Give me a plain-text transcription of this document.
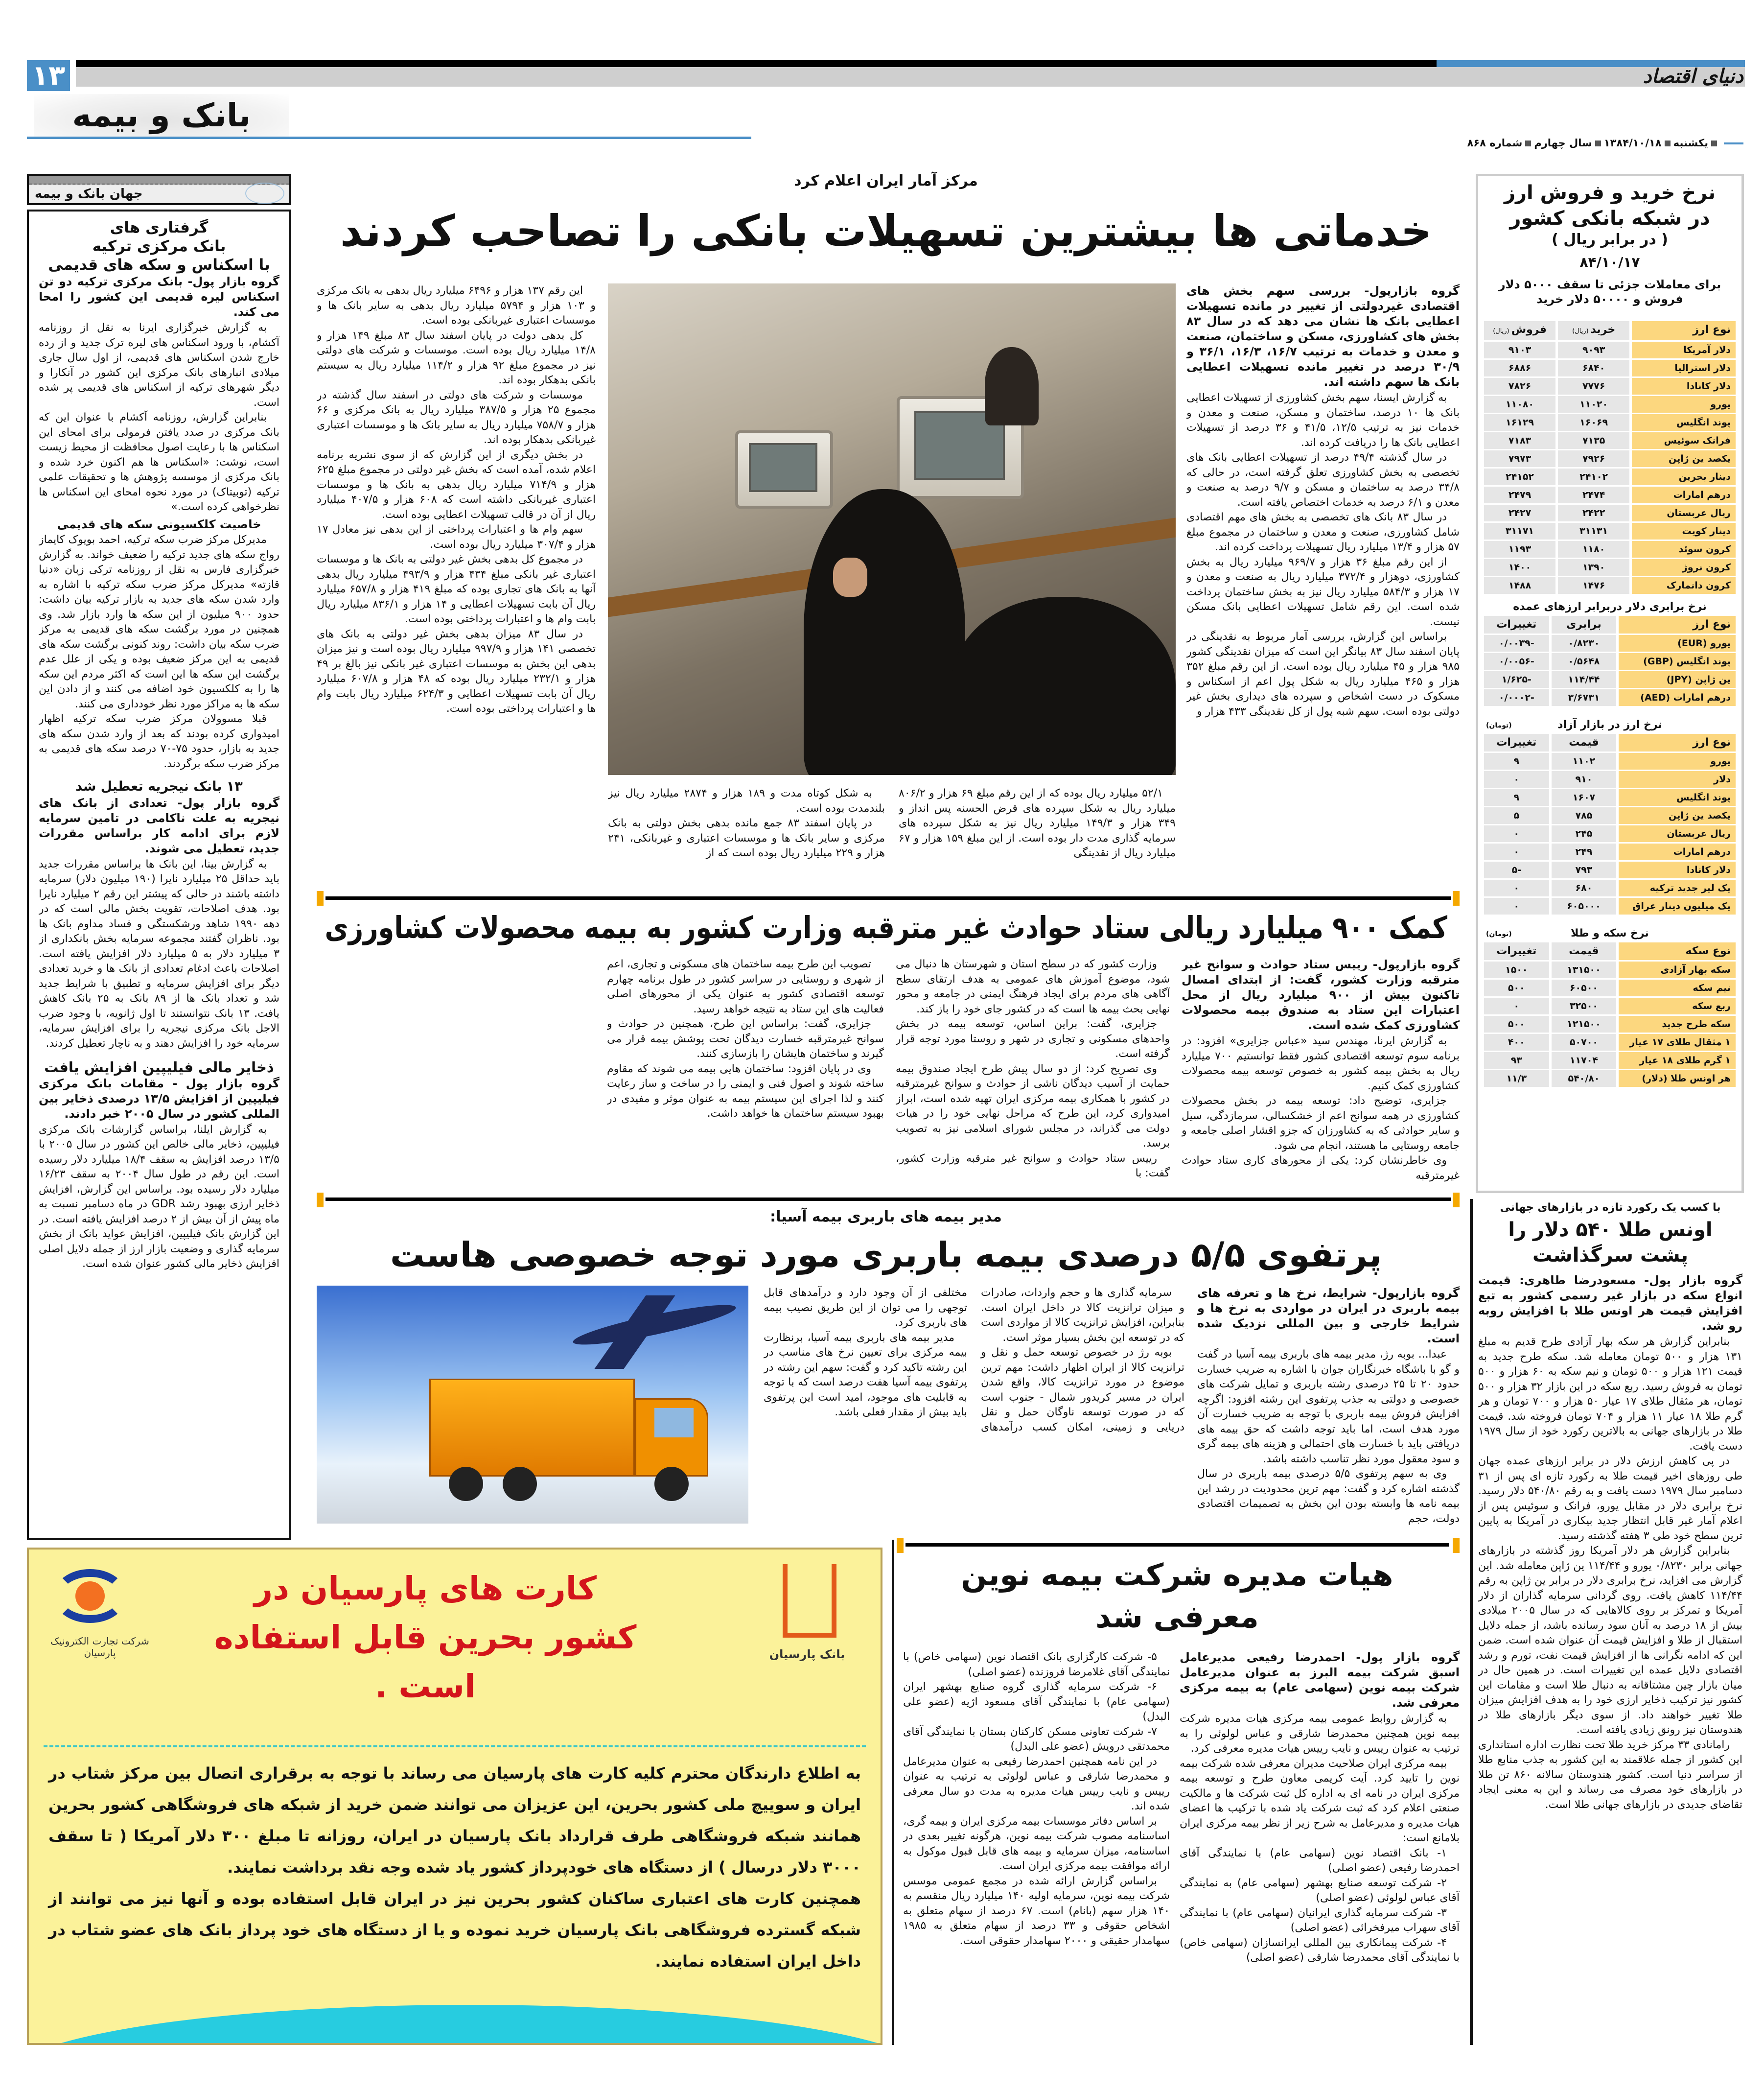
۱۳	دنیای اقتصاد
بانک و بیمه
یکشنبه۱۳۸۴/۱۰/۱۸سال چهارمشماره ۸۶۸
نرخ خرید و فروش ارز
در شبکه بانکی کشور
( در برابر ریال )
۸۴/۱۰/۱۷
برای معاملات جزئی تا سقف ۵۰۰۰ دلار فروش و ۵۰۰۰۰ دلار خرید
نوع ارز
خرید (ریال)
فروش (ریال)
دلار آمریکا
۹۰۹۳
۹۱۰۳
دلار استرالیا
۶۸۴۰
۶۸۸۶
دلار کانادا
۷۷۷۶
۷۸۲۶
یورو
۱۱۰۲۰
۱۱۰۸۰
پوند انگلیس
۱۶۰۶۹
۱۶۱۲۹
فرانک سوئیس
۷۱۳۵
۷۱۸۳
یکصد ین ژاپن
۷۹۲۶
۷۹۷۳
دینار بحرین
۲۴۱۰۲
۲۴۱۵۲
درهم امارات
۲۴۷۴
۲۴۷۹
ریال عربستان
۲۴۲۲
۲۴۲۷
دینار کویت
۳۱۱۳۱
۳۱۱۷۱
کرون سوئد
۱۱۸۰
۱۱۹۳
کرون نروژ
۱۳۹۰
۱۴۰۰
کرون دانمارک
۱۴۷۶
۱۴۸۸
نرخ برابری دلار دربرابر ارزهای عمده
نوع ارز
برابری
تغییرات
یورو (EUR)
۰/۸۲۳۰
-۰/۰۰۳۹
پوند انگلیس (GBP)
۰/۵۶۴۸
-۰/۰۰۵۶
ین ژاپن (JPY)
۱۱۴/۴۴
-۱/۶۲۵
درهم امارات (AED)
۳/۶۷۳۱
-۰/۰۰۰۲
نرخ ارز در بازار آزاد
(تومان)
نوع ارز
قیمت
تغییرات
یورو
۱۱۰۲
۹
دلار
۹۱۰
۰
پوند انگلیس
۱۶۰۷
۹
یکصد ین ژاپن
۷۸۵
۵
ریال عربستان
۲۴۵
۰
درهم امارات
۲۴۹
۰
دلار کانادا
۷۹۳
-۵
یک لیر جدید ترکیه
۶۸۰
۰
یک میلیون دینار عراق
۶۰۵۰۰۰
۰
نرخ سکه و طلا
(تومان)
نوع سکه
قیمت
تغییرات
سکه بهار آزادی
۱۳۱۵۰۰
۱۵۰۰
نیم سکه
۶۰۵۰۰
۵۰۰
ربع سکه
۳۲۵۰۰
۰
سکه طرح جدید
۱۲۱۵۰۰
۵۰۰
۱ مثقال طلای ۱۷ عیار
۵۰۷۰۰
۴۰۰
۱ گرم طلای ۱۸ عیار
۱۱۷۰۴
۹۳
هر اونس طلا (دلار)
۵۴۰/۸۰
۱۱/۳
با کسب یک رکورد تازه در بازارهای جهانی
اونس طلا ۵۴۰ دلار را
پشت سرگذاشت
گروه بازار پول- مسعودرضا طاهری: قیمت انواع سکه در بازار غیر رسمی کشور به تبع افزایش قیمت هر اونس طلا با افزایش روبه رو شد.

بنابراین گزارش هر سکه بهار آزادی طرح قدیم به مبلغ ۱۳۱ هزار و ۵۰۰ تومان معامله شد. سکه طرح جدید به قیمت ۱۲۱ هزار و ۵۰۰ تومان و نیم سکه به ۶۰ هزار و ۵۰۰ تومان به فروش رسید. ربع سکه در این بازار ۳۲ هزار و ۵۰۰ تومان، هر مثقال طلای ۱۷ عیار ۵۰ هزار و ۷۰۰ تومان و هر گرم طلا ۱۸ عیار ۱۱ هزار و ۷۰۴ تومان فروخته شد. قیمت طلا در بازارهای جهانی به بالاترین رکورد خود از سال ۱۹۷۹ دست یافت.

در پی کاهش ارزش دلار در برابر ارزهای عمده جهان طی روزهای اخیر قیمت طلا به رکورد تازه ای پس از ۳۱ دسامبر سال ۱۹۷۹ دست یافت و به رقم ۵۴۰/۸۰ دلار رسید. نرخ برابری دلار در مقابل یورو، فرانک و سوئیس پس از اعلام آمار غیر قابل انتظار جدید بیکاری در آمریکا به پایین ترین سطح خود طی ۳ هفته گذشته رسید.

بنابراین گزارش هر دلار آمریکا روز گذشته در بازارهای جهانی برابر ۰/۸۲۳۰ یورو و ۱۱۴/۴۴ ین ژاپن معامله شد. این گزارش می افزاید، نرخ برابری دلار در برابر ین ژاپن به رقم ۱۱۴/۴۴ کاهش یافت. روی گردانی سرمایه گذاران از دلار آمریکا و تمرکز بر روی کالاهایی که در سال ۲۰۰۵ میلادی بیش از ۱۸ درصد به آنان سود رسانده باشد، از جمله دلایل استقبال از طلا و افزایش قیمت آن عنوان شده است. ضمن این که ادامه نگرانی ها از افزایش قیمت نفت، تورم و رشد اقتصادی دلایل عمده این تغییرات است. در همین حال در میان بازار چین مشتاقانه به دنبال طلا است و مقامات این کشور نیز ترکیب ذخایر ارزی خود را به هدف افزایش میزان طلا تغییر خواهند داد. از سوی دیگر بازارهای طلا در هندوستان نیز رونق زیادی یافته است.

رامانادی ۳۳ مرکز خرید طلا تحت نظارت اداره استانداری این کشور از جمله علاقمند به این کشور به جذب منابع طلا از سراسر دنیا است. کشور هندوستان سالانه ۸۶۰ تن طلا در بازارهای خود مصرف می رساند و این به معنی ایجاد تقاضای جدیدی در بازارهای جهانی طلا است.

جهان بانک و بیمه
گرفتاری های
بانک مرکزی ترکیه
با اسکناس و سکه های قدیمی
گروه بازار پول- بانک مرکزی ترکیه دو تن اسکناس لیره قدیمی این کشور را امحا می کند.

به گزارش خبرگزاری ایرنا به نقل از روزنامه آکشام، با ورود اسکناس های لیره ترک جدید و از رده خارج شدن اسکناس های قدیمی، از اول سال جاری میلادی انبارهای بانک مرکزی این کشور در آنکارا و دیگر شهرهای ترکیه از اسکناس های قدیمی پر شده است.

بنابراین گزارش، روزنامه آکشام با عنوان این که بانک مرکزی در صدد یافتن فرمولی برای امحای این اسکناس ها با رعایت اصول محافظت از محیط زیست است، نوشت: «اسکناس ها هم اکنون خرد شده و بانک مرکزی از موسسه پژوهش ها و تحقیقات علمی ترکیه (توبیتاک) در مورد نحوه امحای این اسکناس ها نظرخواهی کرده است.»

خاصیت کلکسیونی سکه های قدیمی

مدیرکل مرکز ضرب سکه ترکیه، احمد بویوک کایماز رواج سکه های جدید ترکیه را ضعیف خواند. به گزارش خبرگزاری فارس به نقل از روزنامه ترکی زبان «دنیا قازته» مدیرکل مرکز ضرب سکه ترکیه با اشاره به وارد شدن سکه های جدید به بازار ترکیه بیان داشت: حدود ۹۰۰ میلیون از این سکه ها وارد بازار شد. وی همچنین در مورد برگشت سکه های قدیمی به مرکز ضرب سکه بیان داشت: روند کنونی برگشت سکه های قدیمی به این مرکز ضعیف بوده و یکی از علل عدم برگشت این سکه ها این است که اکثر مردم این سکه ها را به کلکسیون خود اضافه می کنند و از دادن این سکه ها به مراکز مورد نظر خودداری می کنند.

قبلا مسوولان مرکز ضرب سکه ترکیه اظهار امیدواری کرده بودند که بعد از وارد شدن سکه های جدید به بازار، حدود ۷۵-۷۰ درصد سکه های قدیمی به مرکز ضرب سکه برگردند.

۱۳ بانک نیجریه تعطیل شد
گروه بازار پول- تعدادی از بانک های نیجریه به علت ناکامی در تامین سرمایه لازم برای ادامه کار براساس مقررات جدید، تعطیل می شوند.

به گزارش بینا، این بانک ها براساس مقررات جدید باید حداقل ۲۵ میلیارد نایرا (۱۹۰ میلیون دلار) سرمایه داشته باشند در حالی که پیشتر این رقم ۲ میلیارد نایرا بود. هدف اصلاحات، تقویت بخش مالی است که در دهه ۱۹۹۰ شاهد ورشکستگی و فساد مداوم بانک ها بود. ناظران گفتند مجموعه سرمایه بخش بانکداری از ۳ میلیارد دلار به ۵ میلیارد دلار افزایش یافته است. اصلاحات باعث ادغام تعدادی از بانک ها و خرید تعدادی دیگر برای افزایش سرمایه و تطبیق با شرایط جدید شد و تعداد بانک ها از ۸۹ بانک به ۲۵ بانک کاهش یافت. ۱۳ بانک نتوانستند تا اول ژانویه، با وجود ضرب الاجل بانک مرکزی نیجریه را برای افزایش سرمایه، سرمایه خود را افزایش دهند و به ناچار تعطیل کردند.

ذخایر مالی فیلیپین افزایش یافت
گروه بازار پول - مقامات بانک مرکزی فیلیپین از افزایش ۱۳/۵ درصدی ذخایر بین المللی کشور در سال ۲۰۰۵ خبر دادند.

به گزارش ایلنا، براساس گزارشات بانک مرکزی فیلیپین، ذخایر مالی خالص این کشور در سال ۲۰۰۵ با ۱۳/۵ درصد افزایش به سقف ۱۸/۴ میلیارد دلار رسیده است. این رقم در طول سال ۲۰۰۴ به سقف ۱۶/۲۳ میلیارد دلار رسیده بود. براساس این گزارش، افزایش ذخایر ارزی بهبود رشد GDR در ماه دسامبر نسبت به ماه پیش از آن بیش از ۲ درصد افزایش یافته است. در این گزارش بانک فیلیپین، افزایش عواید بانک از بخش سرمایه گذاری و وضعیت بازار ارز از جمله دلایل اصلی افزایش ذخایر مالی کشور عنوان شده است.

مرکز آمار ایران اعلام کرد
خدماتی ها بیشترین تسهیلات بانکی را تصاحب کردند
گروه بازارپول- بررسی سهم بخش های اقتصادی غیردولتی از تغییر در مانده تسهیلات اعطایی بانک ها نشان می دهد که در سال ۸۳ بخش های کشاورزی، مسکن و ساختمان، صنعت و معدن و خدمات به ترتیب ۱۶/۷، ۱۶/۳، ۳۶/۱ و ۳۰/۹ درصد در تغییر مانده تسهیلات اعطایی بانک ها سهم داشته اند.

به گزارش ایسنا، سهم بخش کشاورزی از تسهیلات اعطایی بانک ها ۱۰ درصد، ساختمان و مسکن، صنعت و معدن و خدمات نیز به ترتیب ۱۲/۵، ۴۱/۵ و ۳۶ درصد از تسهیلات اعطایی بانک ها را دریافت کرده اند.

در سال گذشته ۴۹/۴ درصد از تسهیلات اعطایی بانک های تخصصی به بخش کشاورزی تعلق گرفته است، در حالی که ۳۴/۸ درصد به ساختمان و مسکن و ۹/۷ درصد به صنعت و معدن و ۶/۱ درصد به خدمات اختصاص یافته است.

در سال ۸۳ بانک های تخصصی به بخش های مهم اقتصادی شامل کشاورزی، صنعت و معدن و ساختمان در مجموع مبلغ ۵۷ هزار و ۱۳/۴ میلیارد ریال تسهیلات پرداخت کرده اند.

از این رقم مبلغ ۳۶ هزار و ۹۶۹/۷ میلیارد ریال به بخش کشاورزی، دوهزار و ۳۷۲/۴ میلیارد ریال به صنعت و معدن و ۱۷ هزار و ۵۸۴/۳ میلیارد ریال نیز به بخش ساختمان پرداخت شده است. این رقم شامل تسهیلات اعطایی بانک مسکن نیست.

براساس این گزارش، بررسی آمار مربوط به نقدینگی در پایان اسفند سال ۸۳ بیانگر این است که میزان نقدینگی کشور ۹۸۵ هزار و ۴۵ میلیارد ریال بوده است. از این رقم مبلغ ۳۵۲ هزار و ۴۶۵ میلیارد ریال به شکل پول اعم از اسکناس و مسکوک در دست اشخاص و سپرده های دیداری بخش غیر دولتی بوده است. سهم شبه پول از کل نقدینگی ۴۳۳ هزار و

۵۲/۱ میلیارد ریال بوده که از این رقم مبلغ ۶۹ هزار و ۸۰۶/۲ میلیارد ریال به شکل سپرده های قرض الحسنه پس انداز و ۳۴۹ هزار و ۱۴۹/۳ میلیارد ریال نیز به شکل سپرده های سرمایه گذاری مدت دار بوده است. از این مبلغ ۱۵۹ هزار و ۶۷ میلیارد ریال از نقدینگی

به شکل کوتاه مدت و ۱۸۹ هزار و ۲۸۷۴ میلیارد ریال نیز بلندمدت بوده است.

در پایان اسفند ۸۳ جمع مانده بدهی بخش دولتی به بانک مرکزی و سایر بانک ها و موسسات اعتباری و غیربانکی، ۲۴۱ هزار و ۲۲۹ میلیارد ریال بوده است که از

این رقم ۱۳۷ هزار و ۶۴۹۶ میلیارد ریال بدهی به بانک مرکزی و ۱۰۳ هزار و ۵۷۹۴ میلیارد ریال بدهی به سایر بانک ها و موسسات اعتباری غیربانکی بوده است.

کل بدهی دولت در پایان اسفند سال ۸۳ مبلغ ۱۴۹ هزار و ۱۴/۸ میلیارد ریال بوده است. موسسات و شرکت های دولتی نیز در مجموع مبلغ ۹۲ هزار و ۱۱۴/۲ میلیارد ریال به سیستم بانکی بدهکار بوده اند.

موسسات و شرکت های دولتی در اسفند سال گذشته در مجموع ۲۵ هزار و ۳۸۷/۵ میلیارد ریال به بانک مرکزی و ۶۶ هزار و ۷۵۸/۷ میلیارد ریال به سایر بانک ها و موسسات اعتباری غیربانکی بدهکار بوده اند.

در بخش دیگری از این گزارش که از سوی نشریه برنامه اعلام شده، آمده است که بخش غیر دولتی در مجموع مبلغ ۶۲۵ هزار و ۷۱۴/۹ میلیارد ریال بدهی به بانک ها و موسسات اعتباری غیربانکی داشته است که ۶۰۸ هزار و ۴۰۷/۵ میلیارد ریال از آن در قالب تسهیلات اعطایی بوده است.

سهم وام ها و اعتبارات پرداختی از این بدهی نیز معادل ۱۷ هزار و ۳۰۷/۴ میلیارد ریال بوده است.

در مجموع کل بدهی بخش غیر دولتی به بانک ها و موسسات اعتباری غیر بانکی مبلغ ۴۳۴ هزار و ۴۹۳/۹ میلیارد ریال بدهی آنها به بانک های تجاری بوده که مبلغ ۴۱۹ هزار و ۶۵۷/۸ میلیارد ریال آن بابت تسهیلات اعطایی و ۱۴ هزار و ۸۳۶/۱ میلیارد ریال بابت وام ها و اعتبارات پرداختی بوده است.

در سال ۸۳ میزان بدهی بخش غیر دولتی به بانک های تخصصی ۱۴۱ هزار و ۹۹۷/۹ میلیارد ریال بوده است و نیز میزان بدهی این بخش به موسسات اعتباری غیر بانکی نیز بالغ بر ۴۹ هزار و ۲۳۲/۱ میلیارد ریال بوده که ۴۸ هزار و ۶۰۷/۸ میلیارد ریال آن بابت تسهیلات اعطایی و ۶۲۴/۳ میلیارد ریال بابت وام ها و اعتبارات پرداختی بوده است.

کمک ۹۰۰ میلیارد ریالی ستاد حوادث غیر مترقبه وزارت کشور به بیمه محصولات کشاورزی
گروه بازارپول- رییس ستاد حوادث و سوانح غیر مترقبه وزارت کشور، گفت: از ابتدای امسال تاکنون بیش از ۹۰۰ میلیارد ریال از محل اعتبارات این ستاد به صندوق بیمه محصولات کشاورزی کمک شده است.

به گزارش ایرنا، مهندس سید «عباس جزایری» افزود: در برنامه سوم توسعه اقتصادی کشور فقط توانستیم ۷۰۰ میلیارد ریال به بخش بیمه کشور به خصوص توسعه بیمه محصولات کشاورزی کمک کنیم.

جزایری، توضیح داد: توسعه بیمه در بخش محصولات کشاورزی در همه سوانح اعم از خشکسالی، سرمازدگی، سیل و سایر حوادثی که به کشاورزان که جزو اقشار اصلی جامعه و جامعه روستایی ما هستند، انجام می شود.

وی خاطرنشان کرد: یکی از محورهای کاری ستاد حوادث غیرمترقبه

وزارت کشور که در سطح استان و شهرستان ها دنبال می شود، موضوع آموزش های عمومی به هدف ارتقای سطح آگاهی های مردم برای ایجاد فرهنگ ایمنی در جامعه و محور نهایی بحث بیمه ها است که در کشور جای خود را باز کند.

جزایری، گفت: براین اساس، توسعه بیمه در بخش واحدهای مسکونی و تجاری در شهر و روستا مورد توجه قرار گرفته است.

وی تصریح کرد: از دو سال پیش طرح ایجاد صندوق بیمه حمایت از آسیب دیدگان ناشی از حوادث و سوانح غیرمترقبه در کشور با همکاری بیمه مرکزی ایران تهیه شده است، ابراز امیدواری کرد، این طرح که مراحل نهایی خود را در هیات دولت می گذراند، در مجلس شورای اسلامی نیز به تصویب برسد.

رییس ستاد حوادث و سوانح غیر مترقبه وزارت کشور، گفت: با

تصویب این طرح بیمه ساختمان های مسکونی و تجاری، اعم از شهری و روستایی در سراسر کشور در طول برنامه چهارم توسعه اقتصادی کشور به عنوان یکی از محورهای اصلی فعالیت های این ستاد به نتیجه خواهد رسید.

جزایری، گفت: براساس این طرح، همچنین در حوادث و سوانح غیرمترقبه خسارت دیدگان تحت پوشش بیمه قرار می گیرند و ساختمان هایشان را بازسازی کنند.

وی در پایان افزود: ساختمان هایی بیمه می شوند که مقاوم ساخته شوند و اصول فنی و ایمنی را در ساخت و ساز رعایت کنند و لذا اجرای این سیستم بیمه به عنوان موثر و مفیدی در بهبود سیستم ساختمان ها خواهد داشت.

مدیر بیمه های باربری بیمه آسیا:
پرتفوی ۵/۵ درصدی بیمه باربری مورد توجه خصوصی هاست
گروه بازارپول- شرایط، نرخ ها و تعرفه های بیمه باربری در ایران در مواردی به نرخ ها و شرایط خارجی و بین المللی نزدیک شده است.

عبدا... بوبه رژ، مدیر بیمه های باربری بیمه آسیا در گفت و گو با باشگاه خبرنگاران جوان با اشاره به ضریب خسارت حدود ۲۰ تا ۲۵ درصدی رشته باربری و تمایل شرکت های خصوصی و دولتی به جذب پرتفوی این رشته افزود: اگرچه افزایش فروش بیمه باربری با توجه به ضریب خسارت آن مورد هدف است، اما باید توجه داشت که حق بیمه های دریافتی باید با خسارت های احتمالی و هزینه های بیمه گری و سود معقول مورد نظر تناسب داشته باشد.

وی به سهم پرتفوی ۵/۵ درصدی بیمه باربری در سال گذشته اشاره کرد و گفت: مهم ترین محدودیت در رشد این بیمه نامه ها وابسته بودن این بخش به تصمیمات اقتصادی دولت، حجم

سرمایه گذاری ها و حجم واردات، صادرات و میزان ترانزیت کالا در داخل ایران است. بنابراین، افزایش ترانزیت کالا از مواردی است که در توسعه این بخش بسیار موثر است.

بوبه رژ در خصوص توسعه حمل و نقل و ترانزیت کالا از ایران اظهار داشت: مهم ترین موضوع در مورد ترانزیت کالا، واقع شدن ایران در مسیر کریدور شمال - جنوب است که در صورت توسعه ناوگان حمل و نقل دریایی و زمینی، امکان کسب درآمدهای مختلفی از آن وجود دارد و درآمدهای قابل توجهی را می توان از این طریق نصیب بیمه های باربری کرد.

مدیر بیمه های باربری بیمه آسیا، برنظارت بیمه مرکزی برای تعیین نرخ های مناسب در این رشته تاکید کرد و گفت: سهم این رشته در پرتفوی بیمه آسیا هفت درصد است که با توجه به قابلیت های موجود، امید است این پرتفوی باید بیش از مقدار فعلی باشد.

هیات مدیره شرکت بیمه نوین
معرفی شد
گروه بازار پول- احمدرضا رفیعی مدیرعامل اسبق شرکت بیمه البرز به عنوان مدیرعامل شرکت بیمه نوین (سهامی عام) به بیمه مرکزی معرفی شد.

به گزارش روابط عمومی بیمه مرکزی هیات مدیره شرکت بیمه نوین همچنین محمدرضا شارقی و عباس لولوئی را به ترتیب به عنوان رییس و نایب رییس هیات مدیره معرفی کرد.

بیمه مرکزی ایران صلاحیت مدیران معرفی شده شرکت بیمه نوین را تایید کرد. آیت کریمی معاون طرح و توسعه بیمه مرکزی ایران در نامه ای به اداره کل ثبت شرکت ها و مالکیت صنعتی اعلام کرد که ثبت شرکت یاد شده با ترکیب ها اعضای هیات مدیره و مدیرعامل به شرح زیر از نظر بیمه مرکزی ایران بلامانع است:

۱- بانک اقتصاد نوین (سهامی عام) با نمایندگی آقای احمدرضا رفیعی (عضو اصلی)

۲- شرکت توسعه صنایع بهشهر (سهامی عام) به نمایندگی آقای عباس لولوئی (عضو اصلی)

۳- شرکت سرمایه گذاری ایرانیان (سهامی عام) با نمایندگی آقای سهراب میرفخرائی (عضو اصلی)

۴- شرکت پیمانکاری بین المللی ایرانسازان (سهامی خاص) با نمایندگی آقای محمدرضا شارقی (عضو اصلی)

۵- شرکت کارگزاری بانک اقتصاد نوین (سهامی خاص) با نمایندگی آقای غلامرضا فروزنده (عضو اصلی)

۶- شرکت سرمایه گذاری گروه صنایع بهشهر ایران (سهامی عام) با نمایندگی آقای مسعود اژیه (عضو علی البدل)

۷- شرکت تعاونی مسکن کارکنان بستان با نمایندگی آقای محمدتقی درویش (عضو علی البدل)

در این نامه همچنین احمدرضا رفیعی به عنوان مدیرعامل و محمدرضا شارقی و عباس لولوئی به ترتیب به عنوان رییس و نایب رییس هیات مدیره به مدت دو سال معرفی شده اند.

بر اساس دفاتر موسسات بیمه مرکزی ایران و بیمه گری، اساسنامه مصوب شرکت بیمه نوین، هرگونه تغییر بعدی در اساسنامه، میزان سرمایه و بیمه های قابل قبول موکول به ارائه موافقت بیمه مرکزی ایران است.

براساس گزارش ارائه شده در مجمع عمومی موسس شرکت بیمه نوین، سرمایه اولیه ۱۴۰ میلیارد ریال منقسم به ۱۴۰ هزار سهم (بانام) است. ۶۷ درصد از سهام متعلق به اشخاص حقوقی و ۳۳ درصد از سهام متعلق به ۱۹۸۵ سهامدار حقیقی و ۲۰۰۰ سهامدار حقوقی است.

بانک پارسیان
شرکت تجارت الکترونیک پارسیان
کارت های پارسیان در
کشور بحرین قابل استفاده است .

به اطلاع دارندگان محترم کلیه کارت های پارسیان می رساند با توجه به برقراری اتصال بین مرکز شتاب در ایران و سوییچ ملی کشور بحرین، این عزیزان می توانند ضمن خرید از شبکه های فروشگاهی کشور بحرین همانند شبکه فروشگاهی طرف قرارداد بانک پارسیان در ایران، روزانه تا مبلغ ۳۰۰ دلار آمریکا ( تا سقف ۳۰۰۰ دلار درسال ) از دستگاه های خودپرداز کشور یاد شده وجه نقد برداشت نمایند.

همچنین کارت های اعتباری ساکنان کشور بحرین نیز در ایران قابل استفاده بوده و آنها نیز می توانند از شبکه گسترده فروشگاهی بانک پارسیان خرید نموده و یا از دستگاه های خود پرداز بانک های عضو شتاب در داخل ایران استفاده نمایند.
